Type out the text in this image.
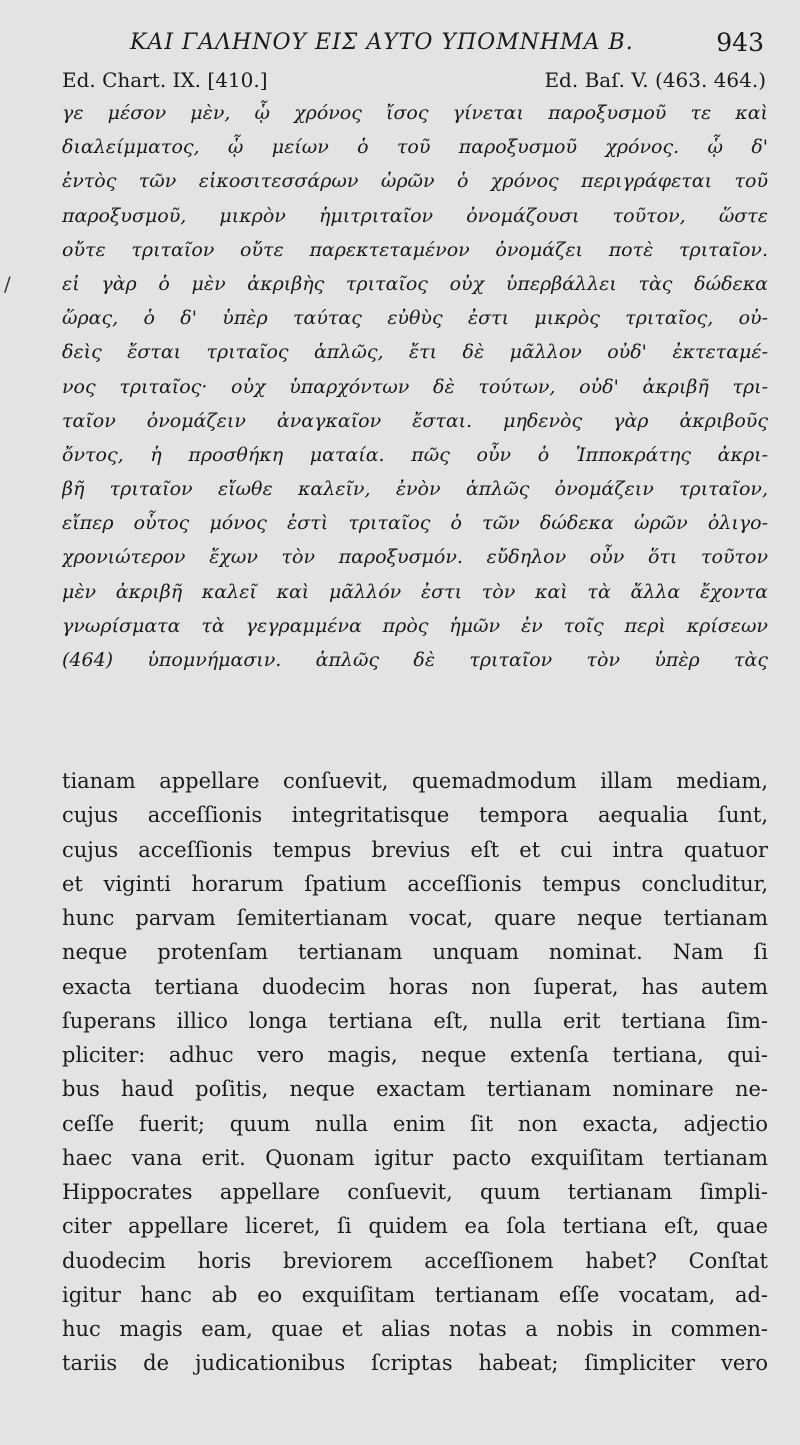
ΚΑΙ ΓΑΛΗΝΟΥ ΕΙΣ ΑΥΤΟ ΥΠΟΜΝΗΜΑ Β.	943
Ed. Chart. IX. [410.]	Ed. Baſ. V. (463. 464.)
/
γε μέσον μὲν, ᾧ χρόνος ἴσος γίνεται παροξυσμοῦ τε καὶ
διαλείμματος, ᾧ μείων ὁ τοῦ παροξυσμοῦ χρόνος. ᾧ δ'
ἐντὸς τῶν εἰκοσιτεσσάρων ὡρῶν ὁ χρόνος περιγράφεται τοῦ
παροξυσμοῦ, μικρὸν ἡμιτριταῖον ὀνομάζουσι τοῦτον, ὥστε
οὔτε τριταῖον οὔτε παρεκτεταμένον ὀνομάζει ποτὲ τριταῖον.
εἰ γὰρ ὁ μὲν ἀκριβὴς τριταῖος οὐχ ὑπερβάλλει τὰς δώδεκα
ὥρας, ὁ δ' ὑπὲρ ταύτας εὐθὺς ἐστι μικρὸς τριταῖος, οὐ-
δεὶς ἔσται τριταῖος ἁπλῶς, ἔτι δὲ μᾶλλον οὐδ' ἐκτεταμέ-
νος τριταῖος· οὐχ ὑπαρχόντων δὲ τούτων, οὐδ' ἀκριβῆ τρι-
ταῖον ὀνομάζειν ἀναγκαῖον ἔσται. μηδενὸς γὰρ ἀκριβοῦς
ὄντος, ἡ προσθήκη ματαία. πῶς οὖν ὁ Ἱπποκράτης ἀκρι-
βῆ τριταῖον εἴωθε καλεῖν, ἐνὸν ἁπλῶς ὀνομάζειν τριταῖον,
εἴπερ οὗτος μόνος ἐστὶ τριταῖος ὁ τῶν δώδεκα ὡρῶν ὀλιγο-
χρονιώτερον ἔχων τὸν παροξυσμόν. εὔδηλον οὖν ὅτι τοῦτον
μὲν ἀκριβῆ καλεῖ καὶ μᾶλλόν ἐστι τὸν καὶ τὰ ἄλλα ἔχοντα
γνωρίσματα τὰ γεγραμμένα πρὸς ἡμῶν ἐν τοῖς περὶ κρίσεων
(464) ὑπομνήμασιν. ἁπλῶς δὲ τριταῖον τὸν ὑπὲρ τὰς
tianam appellare conſuevit, quemadmodum illam mediam,
cujus acceſſionis integritatisque tempora aequalia ſunt,
cujus acceſſionis tempus brevius eſt et cui intra quatuor
et viginti horarum ſpatium acceſſionis tempus concluditur,
hunc parvam ſemitertianam vocat, quare neque tertianam
neque protenſam tertianam unquam nominat. Nam ſi
exacta tertiana duodecim horas non ſuperat, has autem
ſuperans illico longa tertiana eſt, nulla erit tertiana ſim-
pliciter: adhuc vero magis, neque extenſa tertiana, qui-
bus haud poſitis, neque exactam tertianam nominare ne-
ceſſe fuerit; quum nulla enim ſit non exacta, adjectio
haec vana erit. Quonam igitur pacto exquiſitam tertianam
Hippocrates appellare conſuevit, quum tertianam ſimpli-
citer appellare liceret, ſi quidem ea ſola tertiana eſt, quae
duodecim horis breviorem acceſſionem habet? Conſtat
igitur hanc ab eo exquiſitam tertianam eſſe vocatam, ad-
huc magis eam, quae et alias notas a nobis in commen-
tariis de judicationibus ſcriptas habeat; ſimpliciter vero
